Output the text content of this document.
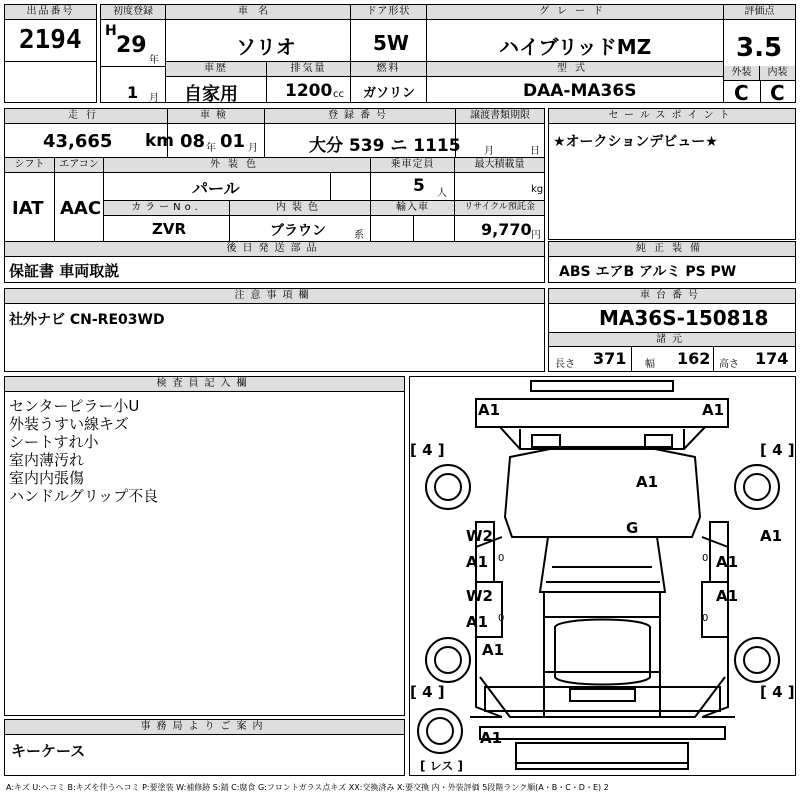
出品番号
2194
初度登録
H
29
年
1 月
車名
ソリオ
ドア形状
5W
グレード
ハイブリッドMZ
評価点
3.5
外装	内装
C C
車歴
自家用
排気量
1200 cc
燃料
ガソリン
型式
DAA-MA36S
走行
43,665 km
車検
08 年 01 月
登録番号
大分 539 ニ 1115
譲渡書類期限
月	日
セールスポイント
★オークションデビュー★
シフト
IAT
エアコン
AAC
外装色
パール
乗車定員
5 人
最大積載量
kg
カラーNo.
ZVR
内装色
ブラウン	系
輸入車	リサイクル預託金
9,770 円
後日発送部品
保証書 車両取説
純正装備
ABS エアB アルミ PS PW
注意事項欄
社外ナビ CN-RE03WD
車台番号
MA36S-150818
諸元
長さ 371 幅 162 高さ 174
検査員記入欄
センターピラー小U
外装うすい線キズ
シートすれ小
室内薄汚れ
室内内張傷
ハンドルグリップ不良
事務局よりご案内
キーケース
A1	A1
[ 4 ]	[ 4 ]
A1
G	A1
W2
A1 0	0 A1
W2	A1
A1 0	0
A1
[ 4 ]	[ 4 ]
A1
[ レス ]
A:キズ U:ヘコミ B:キズを伴うヘコミ P:要塗装 W:補修跡 S:錆 C:腐食 G:フロントガラス点キズ XX:交換済み X:要交換 内・外装評価 5段階ランク順(A・B・C・D・E) 2
